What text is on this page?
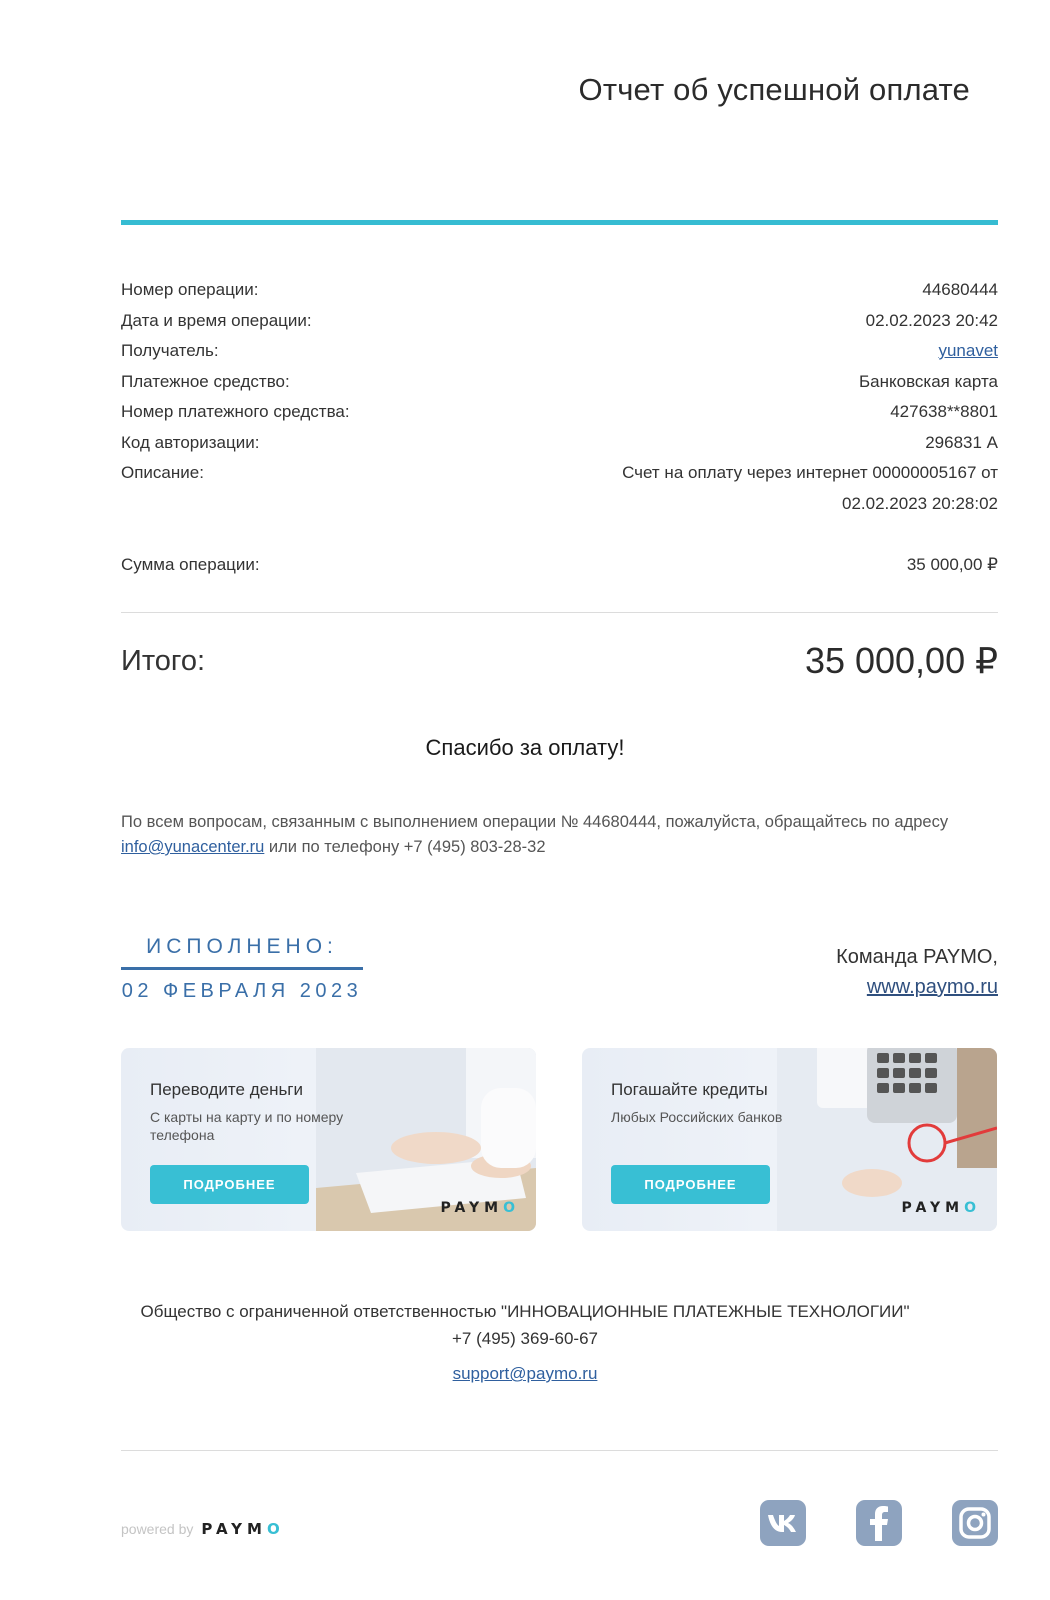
Отчет об успешной оплате
Номер операции:	44680444
Дата и время операции:	02.02.2023 20:42
Получатель:	yunavet
Платежное средство:	Банковская карта
Номер платежного средства:	427638**8801
Код авторизации:	296831 А
Описание:	Счет на оплату через интернет 00000005167 от 02.02.2023 20:28:02
Сумма операции:	35 000,00 ₽
Итого:	35 000,00 ₽
Спасибо за оплату!

По всем вопросам, связанным с выполнением операции № 44680444, пожалуйста, обращайтесь по адресу info@yunacenter.ru или по телефону +7 (495) 803-28-32

ИСПОЛНЕНО:
02 ФЕВРАЛЯ 2023
Команда PAYMO,
www.paymo.ru
Переводите деньги
С карты на карту и по номеру телефона
ПОДРОБНЕЕ
PAYMO
Погашайте кредиты
Любых Российских банков
ПОДРОБНЕЕ
PAYMO
Общество с ограниченной ответственностью "ИННОВАЦИОННЫЕ ПЛАТЕЖНЫЕ ТЕХНОЛОГИИ"
+7 (495) 369-60-67
support@paymo.ru
powered by PAYMO
